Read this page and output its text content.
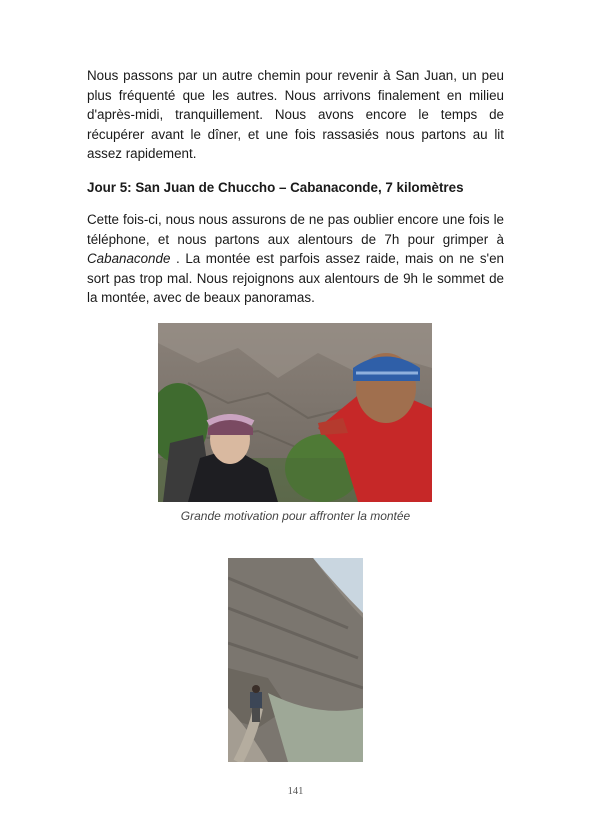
Nous passons par un autre chemin pour revenir à San Juan, un peu plus fréquenté que les autres. Nous arrivons finalement en milieu d'après-midi, tranquillement. Nous avons encore le temps de récupérer avant le dîner, et une fois rassasiés nous partons au lit assez rapidement.

Jour 5: San Juan de Chuccho – Cabanaconde, 7 kilomètres

Cette fois-ci, nous nous assurons de ne pas oublier encore une fois le téléphone, et nous partons aux alentours de 7h pour grimper à Cabanaconde . La montée est parfois assez raide, mais on ne s'en sort pas trop mal. Nous rejoignons aux alentours de 9h le sommet de la montée, avec de beaux panoramas.

Grande motivation pour affronter la montée

141
